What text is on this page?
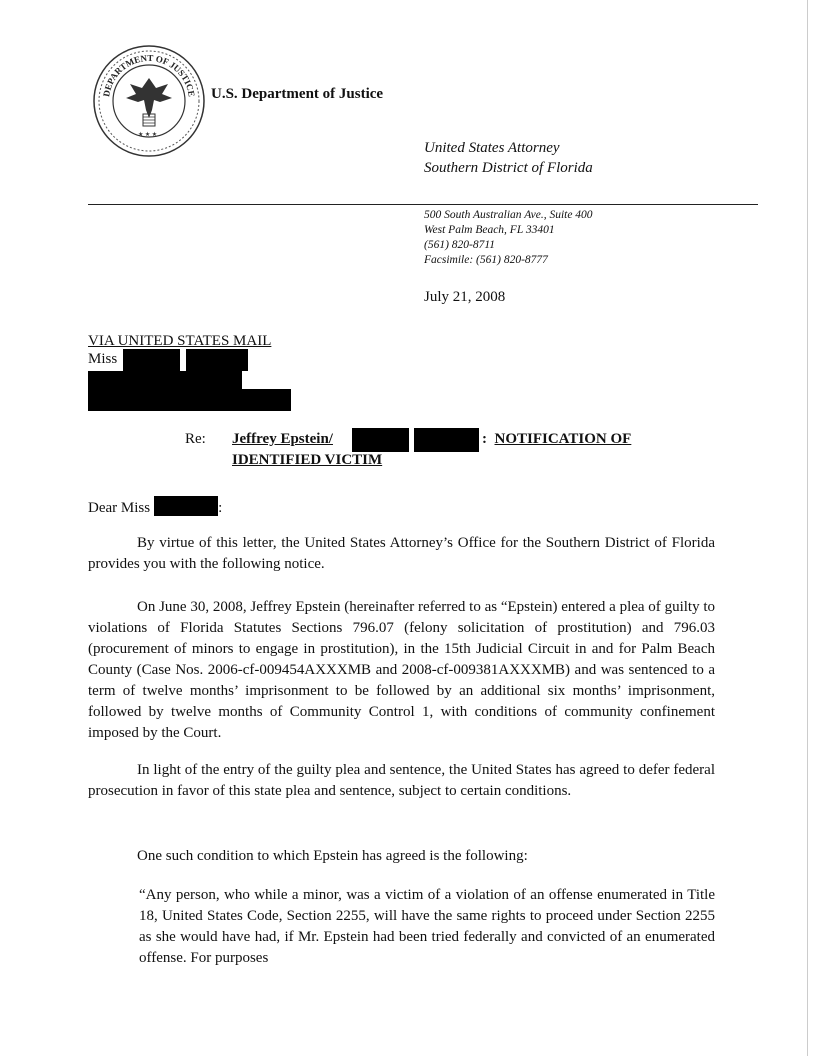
DEPARTMENT OF JUSTICE
★ ★ ★
U.S. Department of Justice
United States Attorney
Southern District of Florida
500 South Australian Ave., Suite 400
West Palm Beach, FL 33401
(561) 820-8711
Facsimile: (561) 820-8777
July 21, 2008
VIA UNITED STATES MAIL
Miss
Re: Jeffrey Epstein/	: NOTIFICATION OF
IDENTIFIED VICTIM
Dear Miss	:

By virtue of this letter, the United States Attorney’s Office for the Southern District of Florida provides you with the following notice.

On June 30, 2008, Jeffrey Epstein (hereinafter referred to as “Epstein) entered a plea of guilty to violations of Florida Statutes Sections 796.07 (felony solicitation of prostitution) and 796.03 (procurement of minors to engage in prostitution), in the 15th Judicial Circuit in and for Palm Beach County (Case Nos. 2006-cf-009454AXXXMB and 2008-cf-009381AXXXMB) and was sentenced to a term of twelve months’ imprisonment to be followed by an additional six months’ imprisonment, followed by twelve months of Community Control 1, with conditions of community confinement imposed by the Court.

In light of the entry of the guilty plea and sentence, the United States has agreed to defer federal prosecution in favor of this state plea and sentence, subject to certain conditions.

One such condition to which Epstein has agreed is the following:

“Any person, who while a minor, was a victim of a violation of an offense enumerated in Title 18, United States Code, Section 2255, will have the same rights to proceed under Section 2255 as she would have had, if Mr. Epstein had been tried federally and convicted of an enumerated offense. For purposes
